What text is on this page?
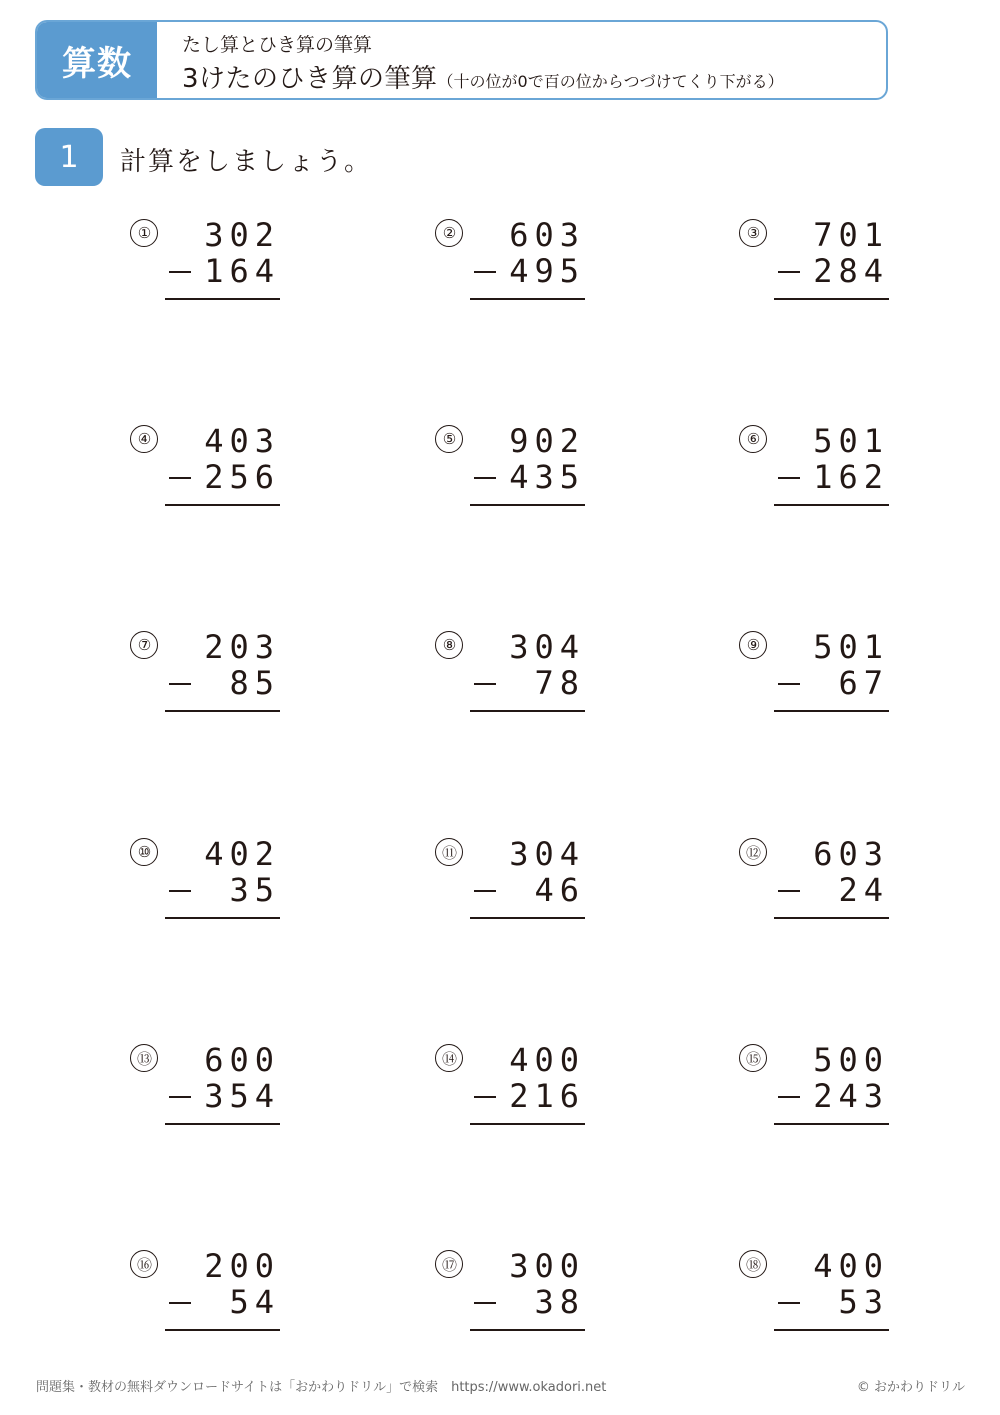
算数	たし算とひき算の筆算
3けたのひき算の筆算（十の位が0で百の位からつづけてくり下がる）
1	計算をしましょう。
① 302
164
② 603
495
③ 701
284
④ 403
256
⑤ 902
435
⑥ 501
162
⑦ 203
85
⑧ 304
78
⑨ 501
67
⑩ 402
35
⑪ 304
46
⑫ 603
24
⑬ 600
354
⑭ 400
216
⑮ 500
243
⑯ 200
54
⑰ 300
38
⑱ 400
53
問題集・教材の無料ダウンロードサイトは「おかわりドリル」で検索　https://www.okadori.net	© おかわりドリル
